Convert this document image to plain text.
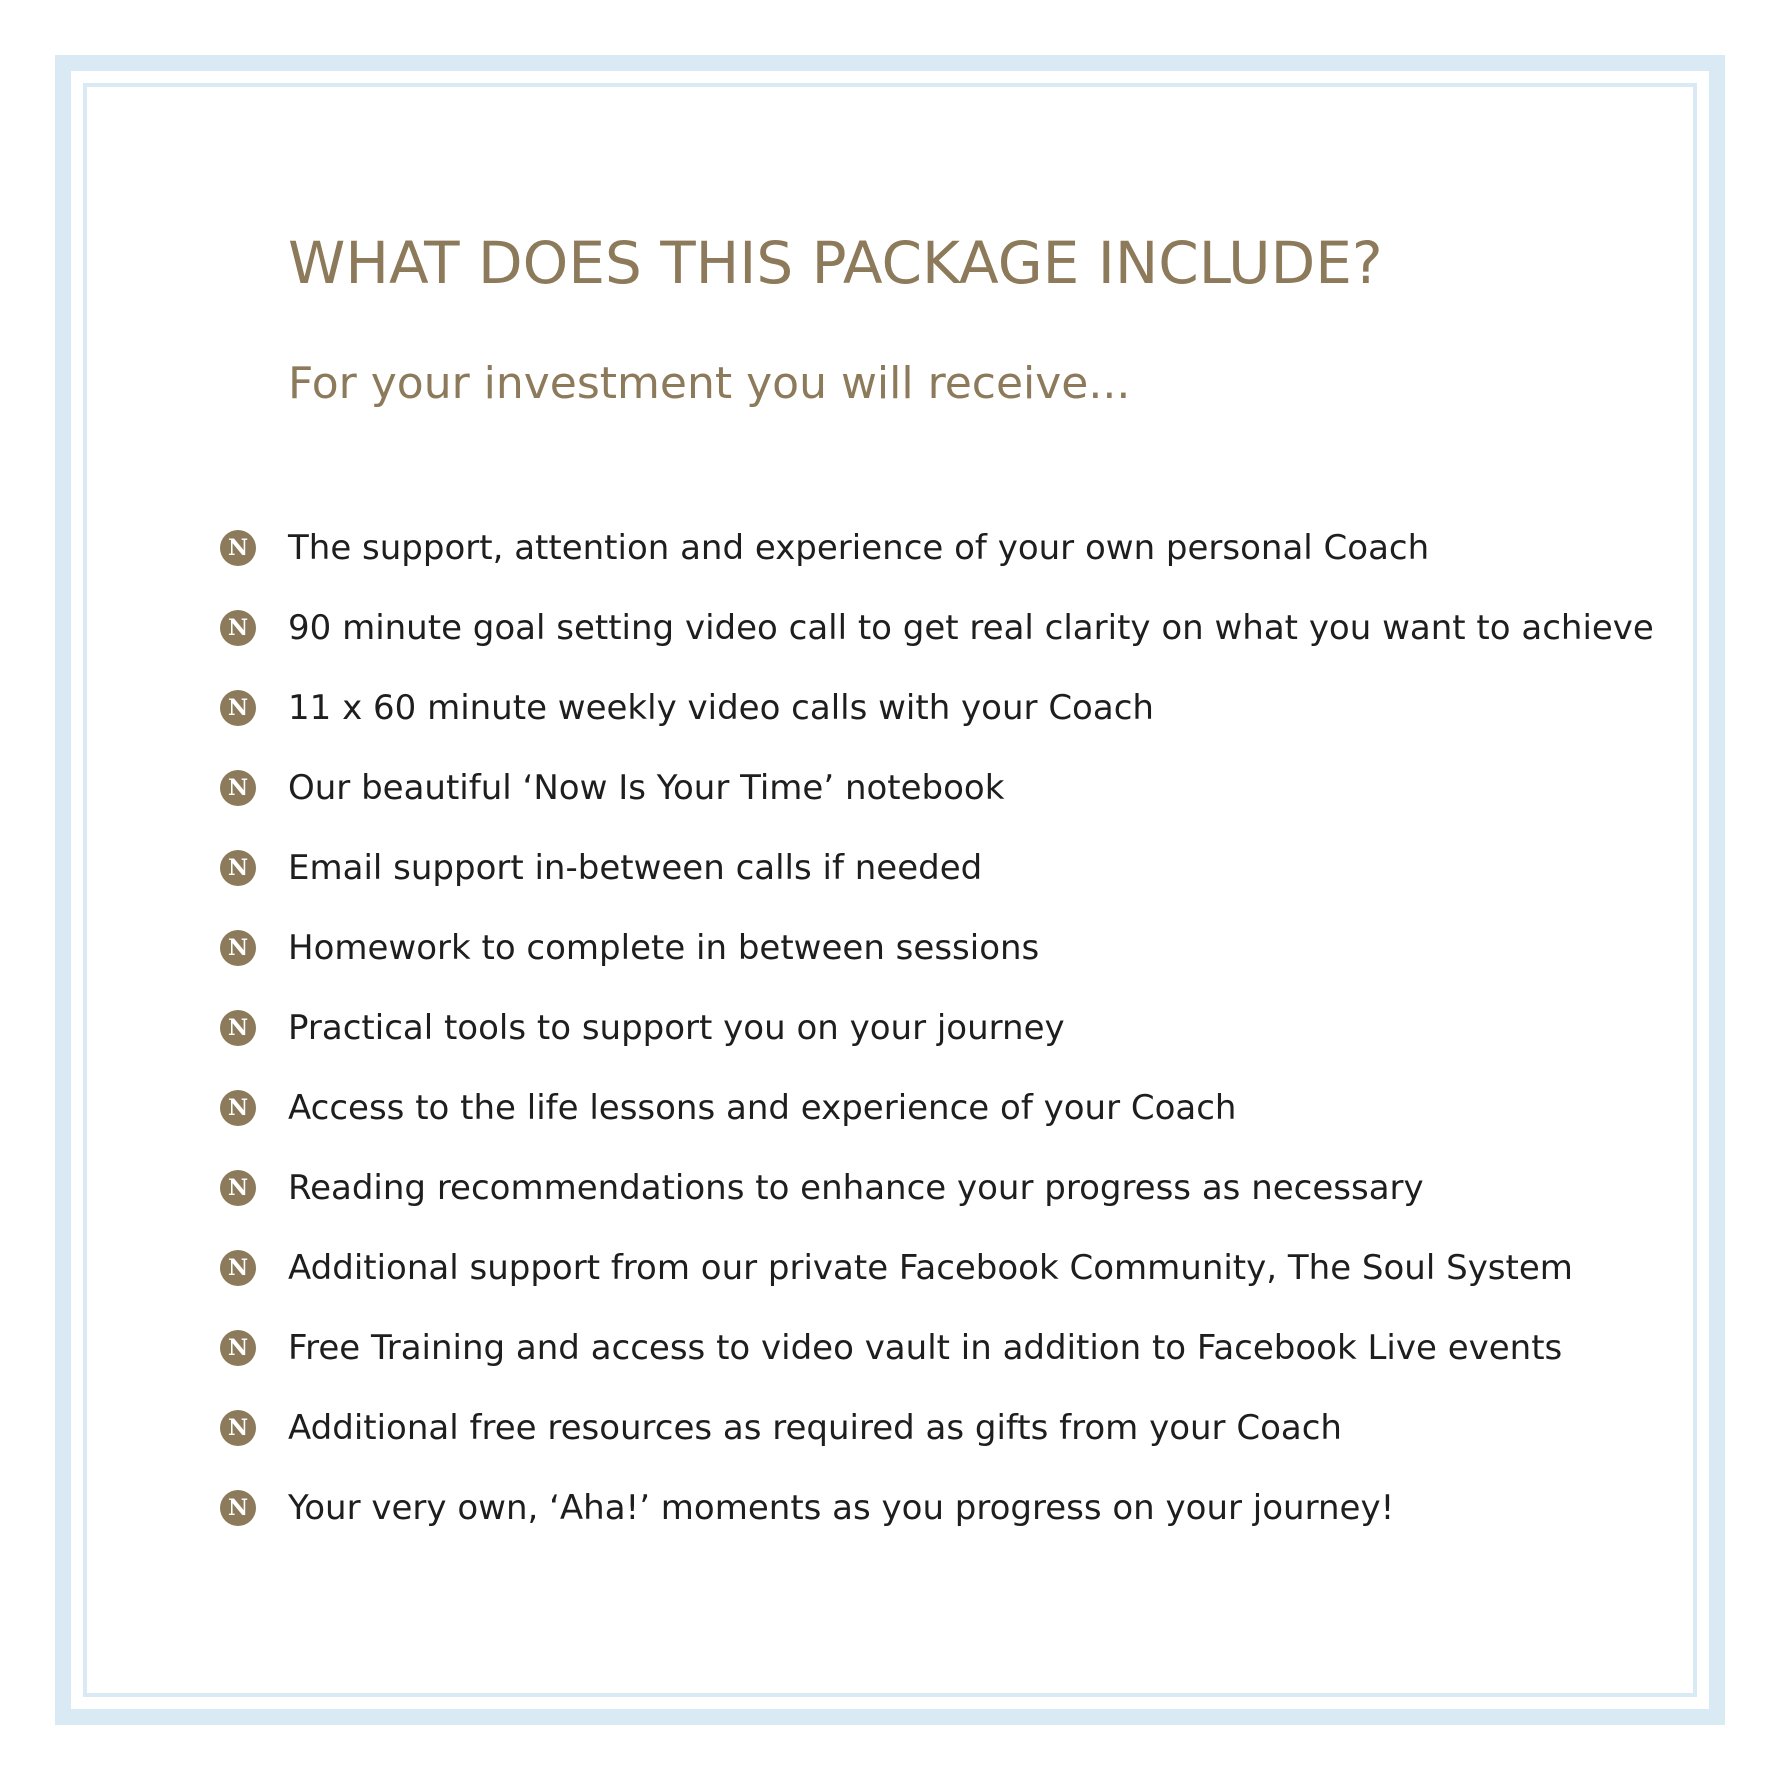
WHAT DOES THIS PACKAGE INCLUDE?

For your investment you will receive...

N The support, attention and experience of your own personal Coach
N 90 minute goal setting video call to get real clarity on what you want to achieve
N 11 x 60 minute weekly video calls with your Coach
N Our beautiful ‘Now Is Your Time’ notebook
N Email support in-between calls if needed
N Homework to complete in between sessions
N Practical tools to support you on your journey
N Access to the life lessons and experience of your Coach
N Reading recommendations to enhance your progress as necessary
N Additional support from our private Facebook Community, The Soul System
N Free Training and access to video vault in addition to Facebook Live events
N Additional free resources as required as gifts from your Coach
N Your very own, ‘Aha!’ moments as you progress on your journey!
